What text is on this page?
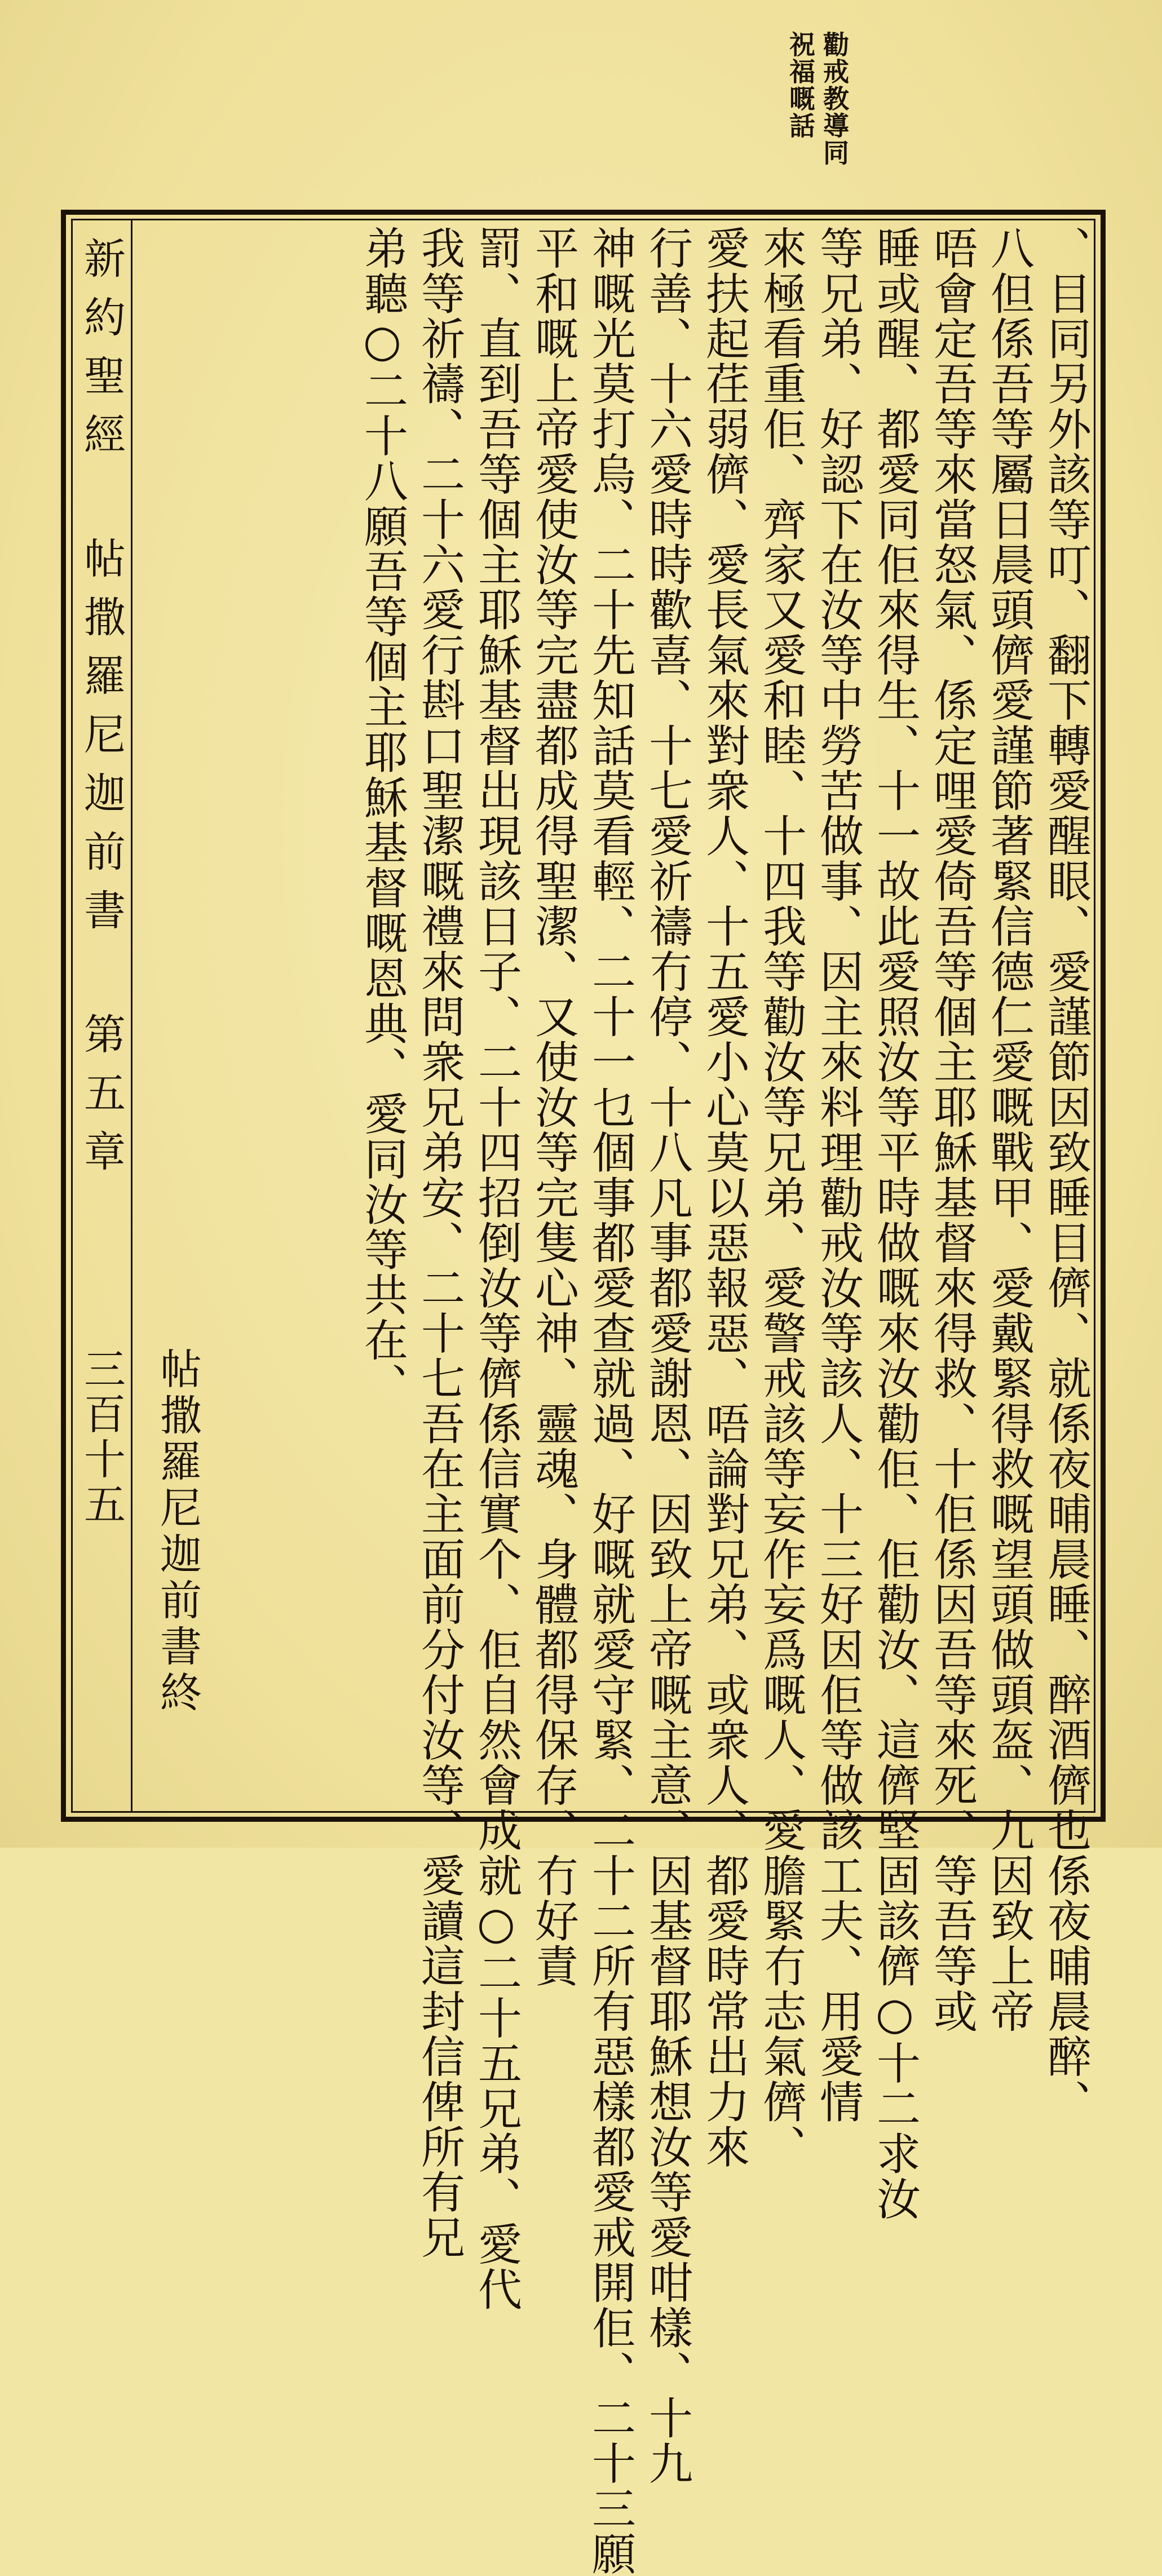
勸戒教導同
祝福嘅話
新約聖經 帖撒羅尼迦前書 第五章
三百十五	、目同另外該等叮、翻下轉愛醒眼、愛謹節因致睡目儕、就係夜晡晨睡、醉酒儕也係夜晡晨醉、
八但係吾等屬日晨頭儕愛謹節著緊信德仁愛嘅戰甲、愛戴緊得救嘅望頭做頭盔、九因致上帝
唔會定吾等來當怒氣、係定哩愛倚吾等個主耶穌基督來得救、十佢係因吾等來死、等吾等或
睡或醒、都愛同佢來得生、十一故此愛照汝等平時做嘅來汝勸佢、佢勸汝、這儕堅固該儕○十二求汝
等兄弟、好認下在汝等中勞苦做事、因主來料理勸戒汝等該人、十三好因佢等做該工夫、用愛情
來極看重佢、齊家又愛和睦、十四我等勸汝等兄弟、愛警戒該等妄作妄爲嘅人、愛膽緊冇志氣儕、
愛扶起荏弱儕、愛長氣來對衆人、十五愛小心莫以惡報惡、唔論對兄弟、或衆人、都愛時常出力來
行善、十六愛時時歡喜、十七愛祈禱冇停、十八凡事都愛謝恩、因致上帝嘅主意、因基督耶穌想汝等愛咁樣、十九
神嘅光莫打烏、二十先知話莫看輕、二十一乜個事都愛查就過、好嘅就愛守緊、二十二所有惡樣都愛戒開佢、二十三願
平和嘅上帝愛使汝等完盡都成得聖潔、又使汝等完隻心神、靈魂、身體都得保存、冇好責
罰、直到吾等個主耶穌基督出現該日子、二十四招倒汝等儕係信實个、佢自然會成就○二十五兄弟、愛代
我等祈禱、二十六愛行斟口聖潔嘅禮來問衆兄弟安、二十七吾在主面前分付汝等、愛讀這封信俾所有兄
弟聽○二十八願吾等個主耶穌基督嘅恩典、愛同汝等共在、
帖撒羅尼迦前書終
